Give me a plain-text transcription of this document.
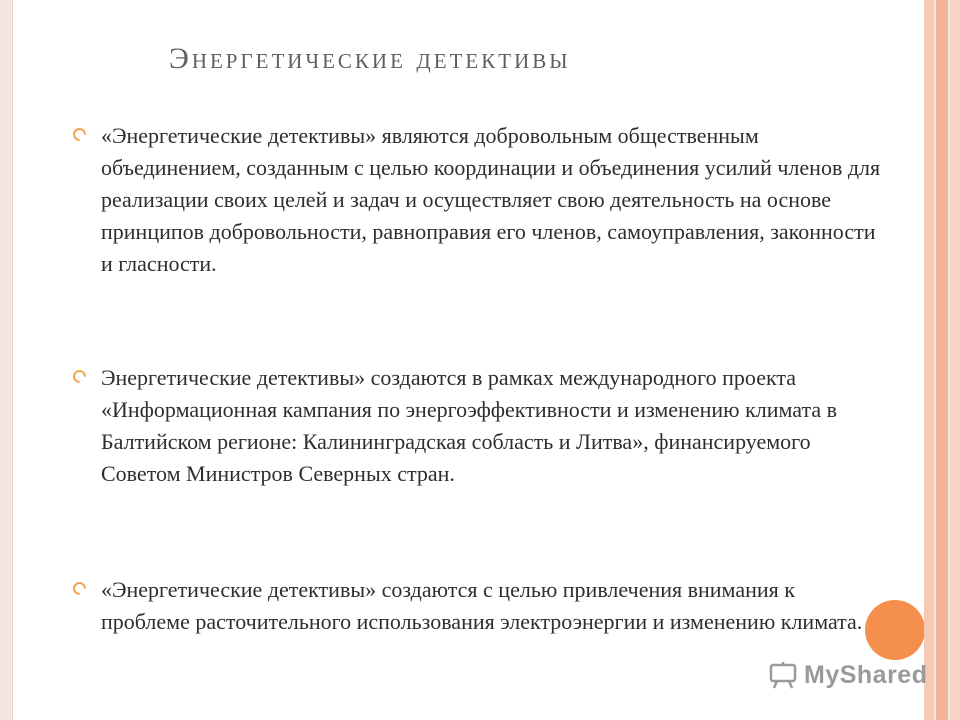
Энергетические детективы
«Энергетические детективы» являются добровольным общественным объединением, созданным с целью координации и объединения усилий членов для реализации своих целей и задач и осуществляет свою деятельность на основе принципов добровольности, равноправия его членов, самоуправления, законности и гласности.
Энергетические детективы» создаются в рамках международного проекта «Информационная кампания по энергоэффективности и изменению климата в Балтийском регионе: Калининградская собласть и Литва», финансируемого Советом Министров Северных стран.
«Энергетические детективы» создаются с целью привлечения внимания к проблеме расточительного использования электроэнергии и изменению климата.
MyShared
